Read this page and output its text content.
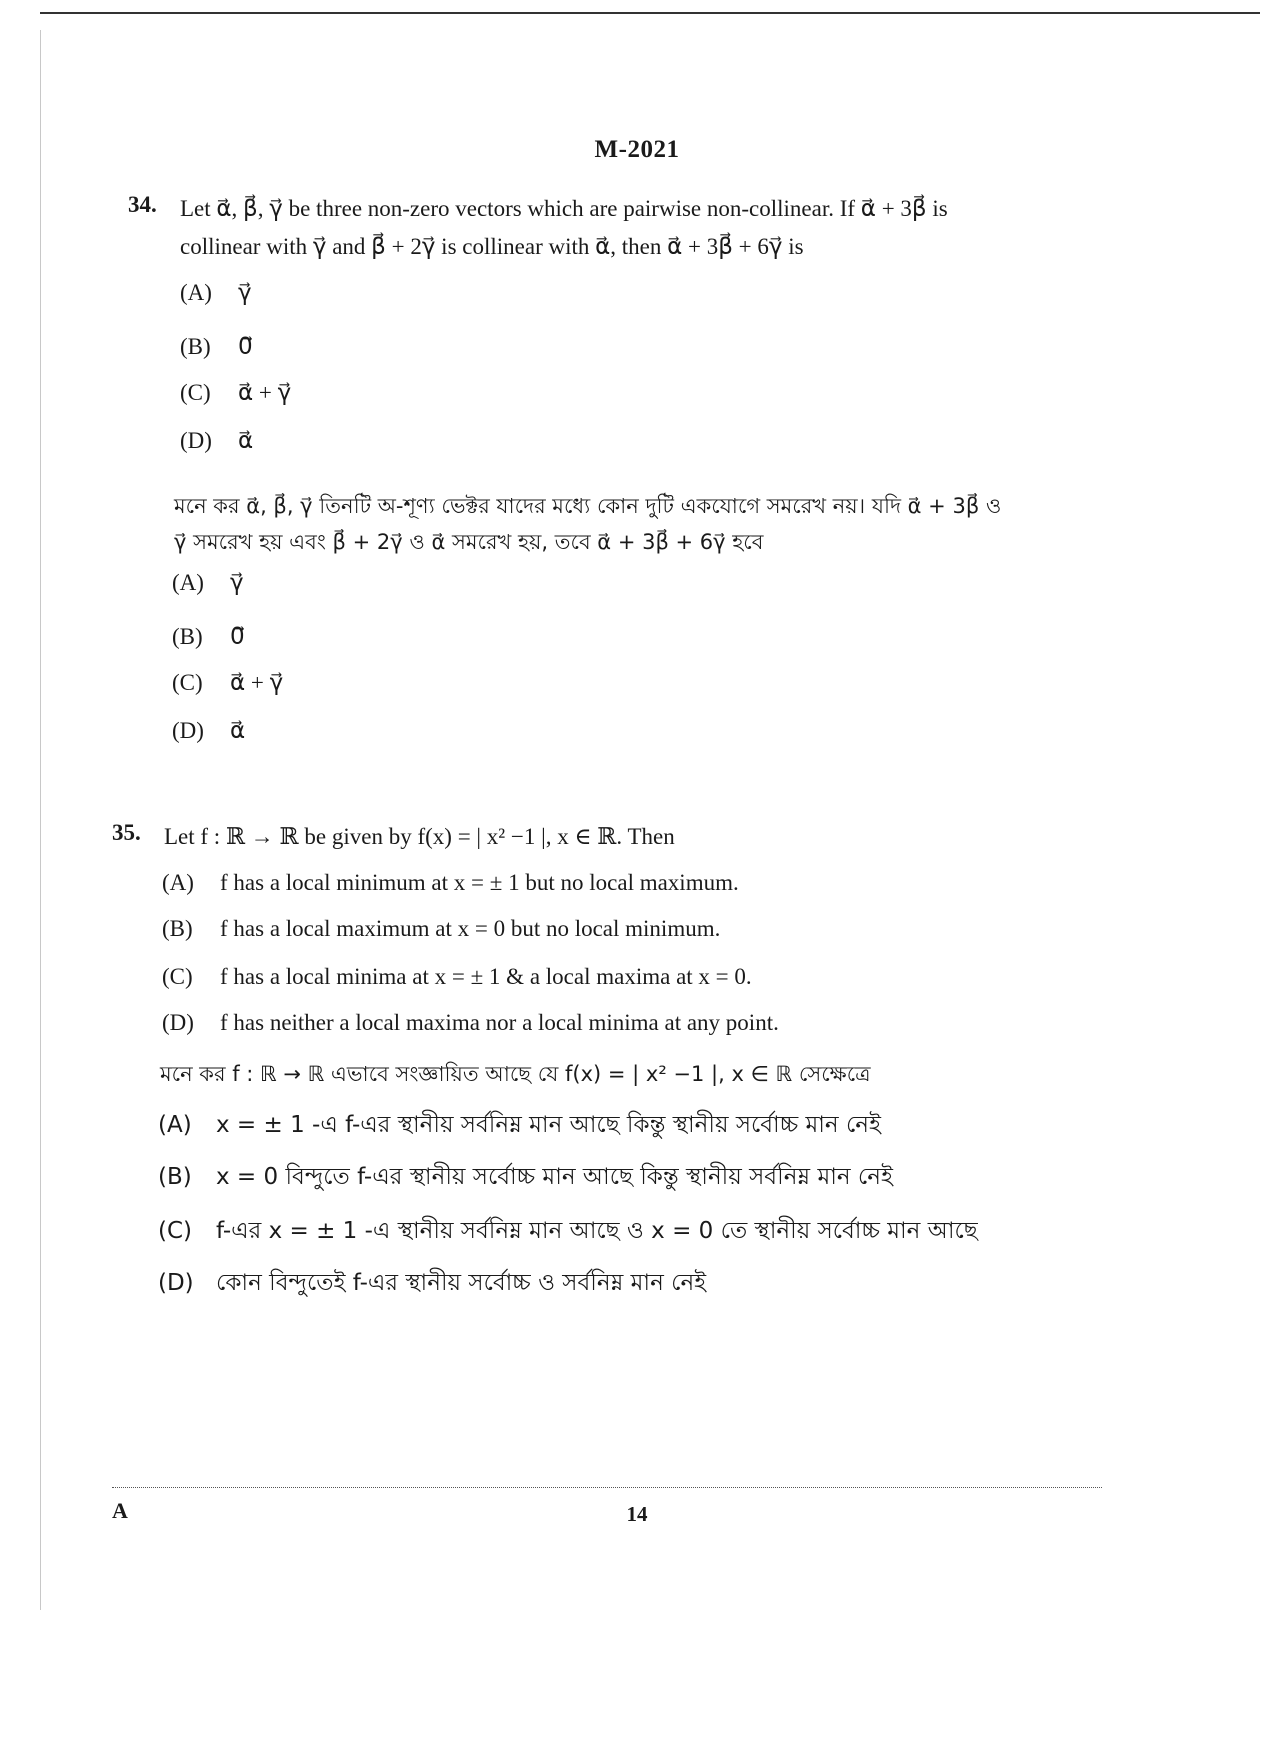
M-2021
34. Let α⃗, β⃗, γ⃗ be three non-zero vectors which are pairwise non-collinear. If α⃗ + 3β⃗ is
collinear with γ⃗ and β⃗ + 2γ⃗ is collinear with α⃗, then α⃗ + 3β⃗ + 6γ⃗ is
(A) γ⃗
(B) 0⃗
(C) α⃗ + γ⃗
(D) α⃗
মনে কর α⃗, β⃗, γ⃗ তিনটি অ-শূণ্য ভেক্টর যাদের মধ্যে কোন দুটি একযোগে সমরেখ নয়। যদি α⃗ + 3β⃗ ও
γ⃗ সমরেখ হয় এবং β⃗ + 2γ⃗ ও α⃗ সমরেখ হয়, তবে α⃗ + 3β⃗ + 6γ⃗ হবে
(A) γ⃗
(B) 0⃗
(C) α⃗ + γ⃗
(D) α⃗
35. Let f : ℝ → ℝ be given by f(x) = | x² −1 |, x ∈ ℝ. Then
(A) f has a local minimum at x = ± 1 but no local maximum.
(B) f has a local maximum at x = 0 but no local minimum.
(C) f has a local minima at x = ± 1 & a local maxima at x = 0.
(D) f has neither a local maxima nor a local minima at any point.
মনে কর f : ℝ → ℝ এভাবে সংজ্ঞায়িত আছে যে f(x) = | x² −1 |, x ∈ ℝ সেক্ষেত্রে
(A) x = ± 1 -এ f-এর স্থানীয় সর্বনিম্ন মান আছে কিন্তু স্থানীয় সর্বোচ্চ মান নেই
(B) x = 0 বিন্দুতে f-এর স্থানীয় সর্বোচ্চ মান আছে কিন্তু স্থানীয় সর্বনিম্ন মান নেই
(C) f-এর x = ± 1 -এ স্থানীয় সর্বনিম্ন মান আছে ও x = 0 তে স্থানীয় সর্বোচ্চ মান আছে
(D) কোন বিন্দুতেই f-এর স্থানীয় সর্বোচ্চ ও সর্বনিম্ন মান নেই
A	14
